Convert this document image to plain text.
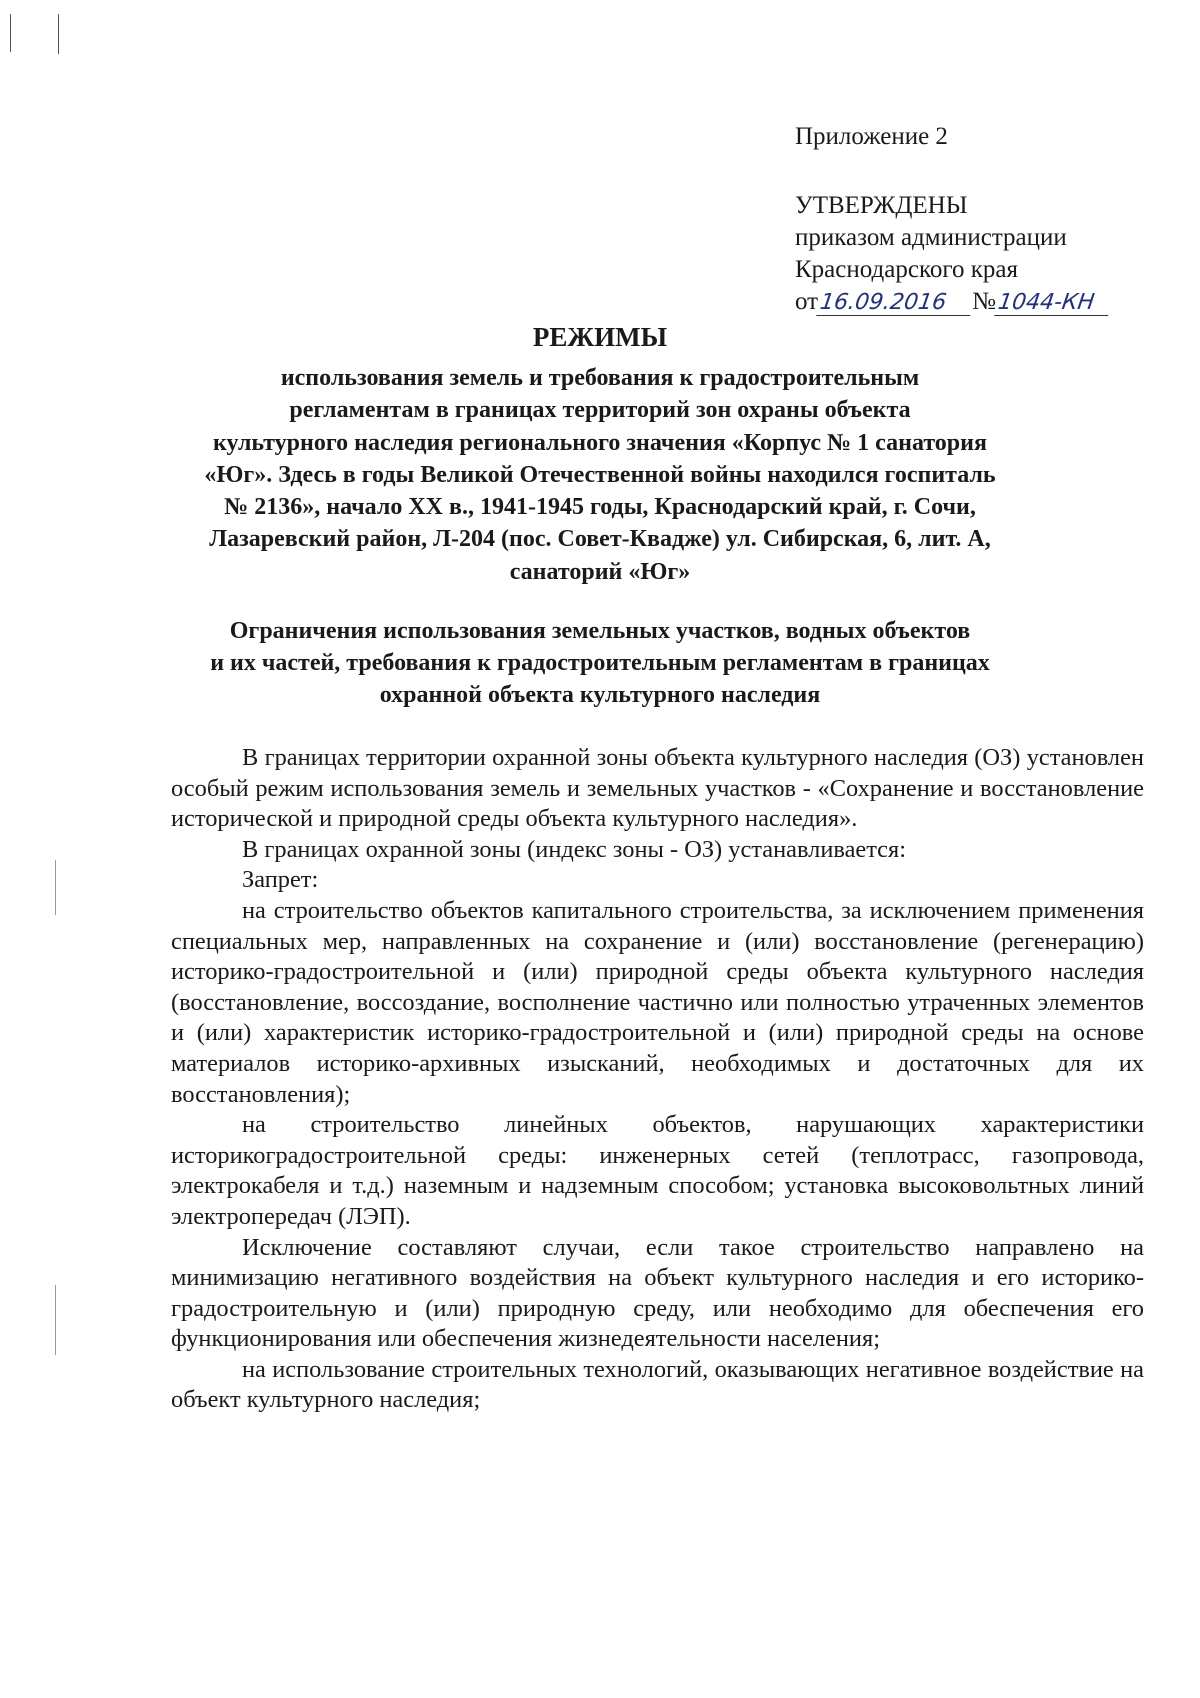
Приложение 2
УТВЕРЖДЕНЫ
приказом администрации
Краснодарского края
от16.09.2016 №1044-КН
РЕЖИМЫ
использования земель и требования к градостроительным
регламентам в границах территорий зон охраны объекта
культурного наследия регионального значения «Корпус № 1 санатория
«Юг». Здесь в годы Великой Отечественной войны находился госпиталь
№ 2136», начало ХХ в., 1941-1945 годы, Краснодарский край, г. Сочи,
Лазаревский район, Л-204 (пос. Совет-Квадже) ул. Сибирская, 6, лит. А,
санаторий «Юг»
Ограничения использования земельных участков, водных объектов
и их частей, требования к градостроительным регламентам в границах
охранной объекта культурного наследия

В границах территории охранной зоны объекта культурного наследия (ОЗ) установлен особый режим использования земель и земельных участков - «Сохранение и восстановление исторической и природной среды объекта культурного наследия».

В границах охранной зоны (индекс зоны - ОЗ) устанавливается:

Запрет:

на строительство объектов капитального строительства, за исключением применения специальных мер, направленных на сохранение и (или) восстановление (регенерацию) историко-градостроительной и (или) природной среды объекта культурного наследия (восстановление, воссоздание, восполнение частично или полностью утраченных элементов и (или) характеристик историко-градостроительной и (или) природной среды на основе материалов историко-архивных изысканий, необходимых и достаточных для их восстановления);

на строительство линейных объектов, нарушающих характеристики историкоградостроительной среды: инженерных сетей (теплотрасс, газопровода, электрокабеля и т.д.) наземным и надземным способом; установка высоковольтных линий электропередач (ЛЭП).

Исключение составляют случаи, если такое строительство направлено на минимизацию негативного воздействия на объект культурного наследия и его историко-градостроительную и (или) природную среду, или необходимо для обеспечения его функционирования или обеспечения жизнедеятельности населения;

на использование строительных технологий, оказывающих негативное воздействие на объект культурного наследия;
